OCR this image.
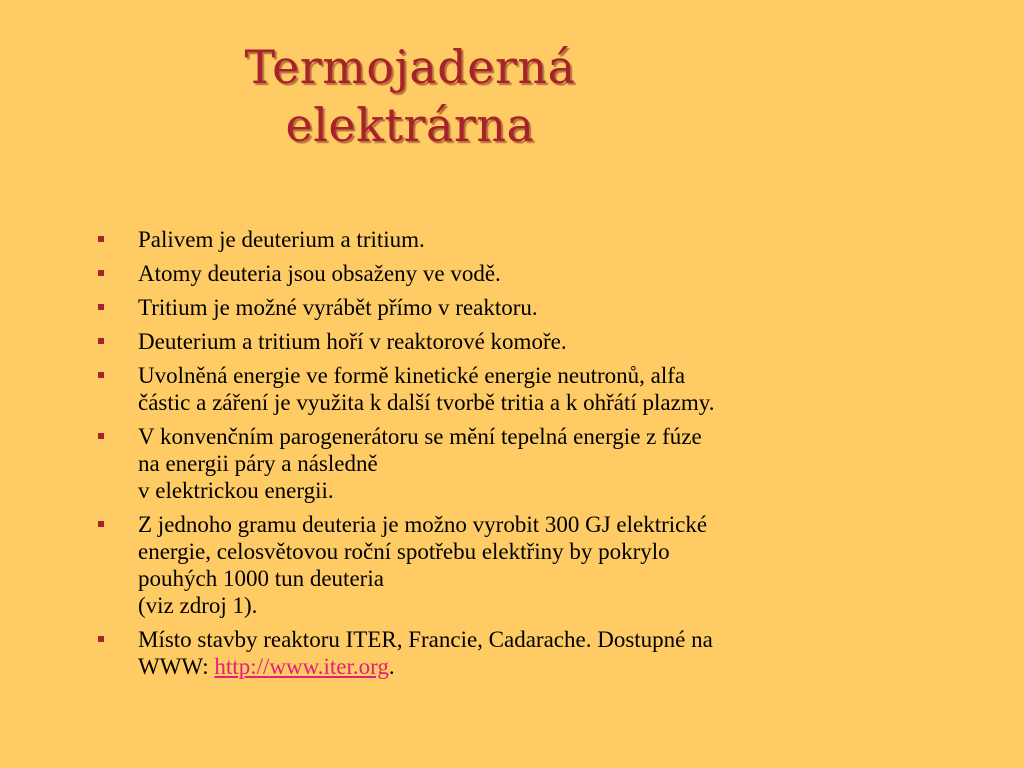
Termojaderná
elektrárna
Palivem je deuterium a tritium.
Atomy deuteria jsou obsaženy ve vodě.
Tritium je možné vyrábět přímo v reaktoru.
Deuterium a tritium hoří v reaktorové komoře.
Uvolněná energie ve formě kinetické energie neutronů, alfa
částic a záření je využita k další tvorbě tritia a k ohřátí plazmy.
V konvenčním parogenerátoru se mění tepelná energie z fúze
na energii páry a následně
v elektrickou energii.
Z jednoho gramu deuteria je možno vyrobit 300 GJ elektrické
energie, celosvětovou roční spotřebu elektřiny by pokrylo
pouhých 1000 tun deuteria
(viz zdroj 1).
Místo stavby reaktoru ITER, Francie, Cadarache. Dostupné na
WWW: http://www.iter.org.
